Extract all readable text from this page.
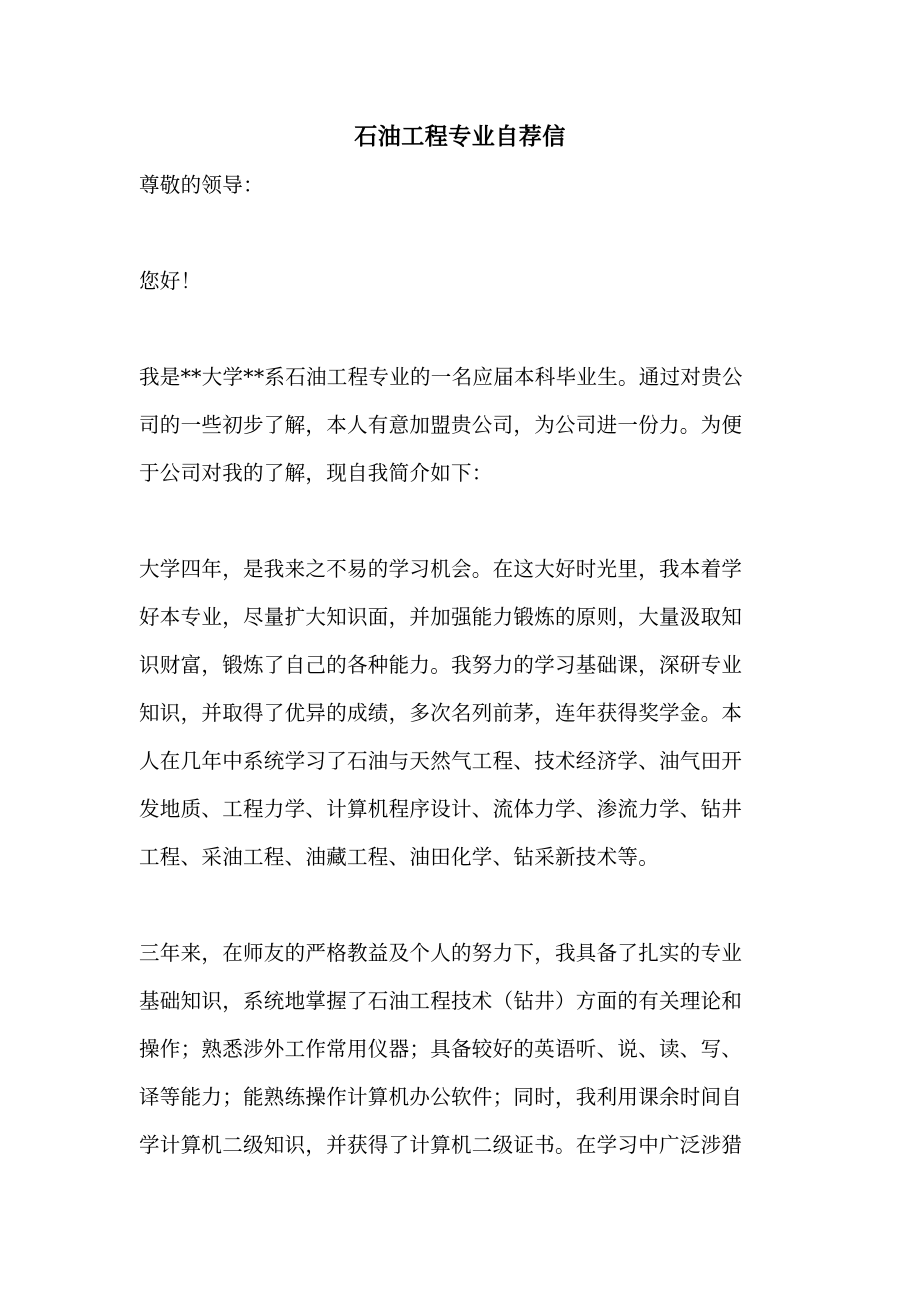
石油工程专业自荐信
尊敬的领导：
您好！
我是**大学**系石油工程专业的一名应届本科毕业生。通过对贵公
司的一些初步了解，本人有意加盟贵公司，为公司进一份力。为便
于公司对我的了解，现自我简介如下：
大学四年，是我来之不易的学习机会。在这大好时光里，我本着学
好本专业，尽量扩大知识面，并加强能力锻炼的原则，大量汲取知
识财富，锻炼了自己的各种能力。我努力的学习基础课，深研专业
知识，并取得了优异的成绩，多次名列前茅，连年获得奖学金。本
人在几年中系统学习了石油与天然气工程、技术经济学、油气田开
发地质、工程力学、计算机程序设计、流体力学、渗流力学、钻井
工程、采油工程、油藏工程、油田化学、钻采新技术等。
三年来，在师友的严格教益及个人的努力下，我具备了扎实的专业
基础知识，系统地掌握了石油工程技术（钻井）方面的有关理论和
操作；熟悉涉外工作常用仪器；具备较好的英语听、说、读、写、
译等能力；能熟练操作计算机办公软件；同时，我利用课余时间自
学计算机二级知识，并获得了计算机二级证书。在学习中广泛涉猎
